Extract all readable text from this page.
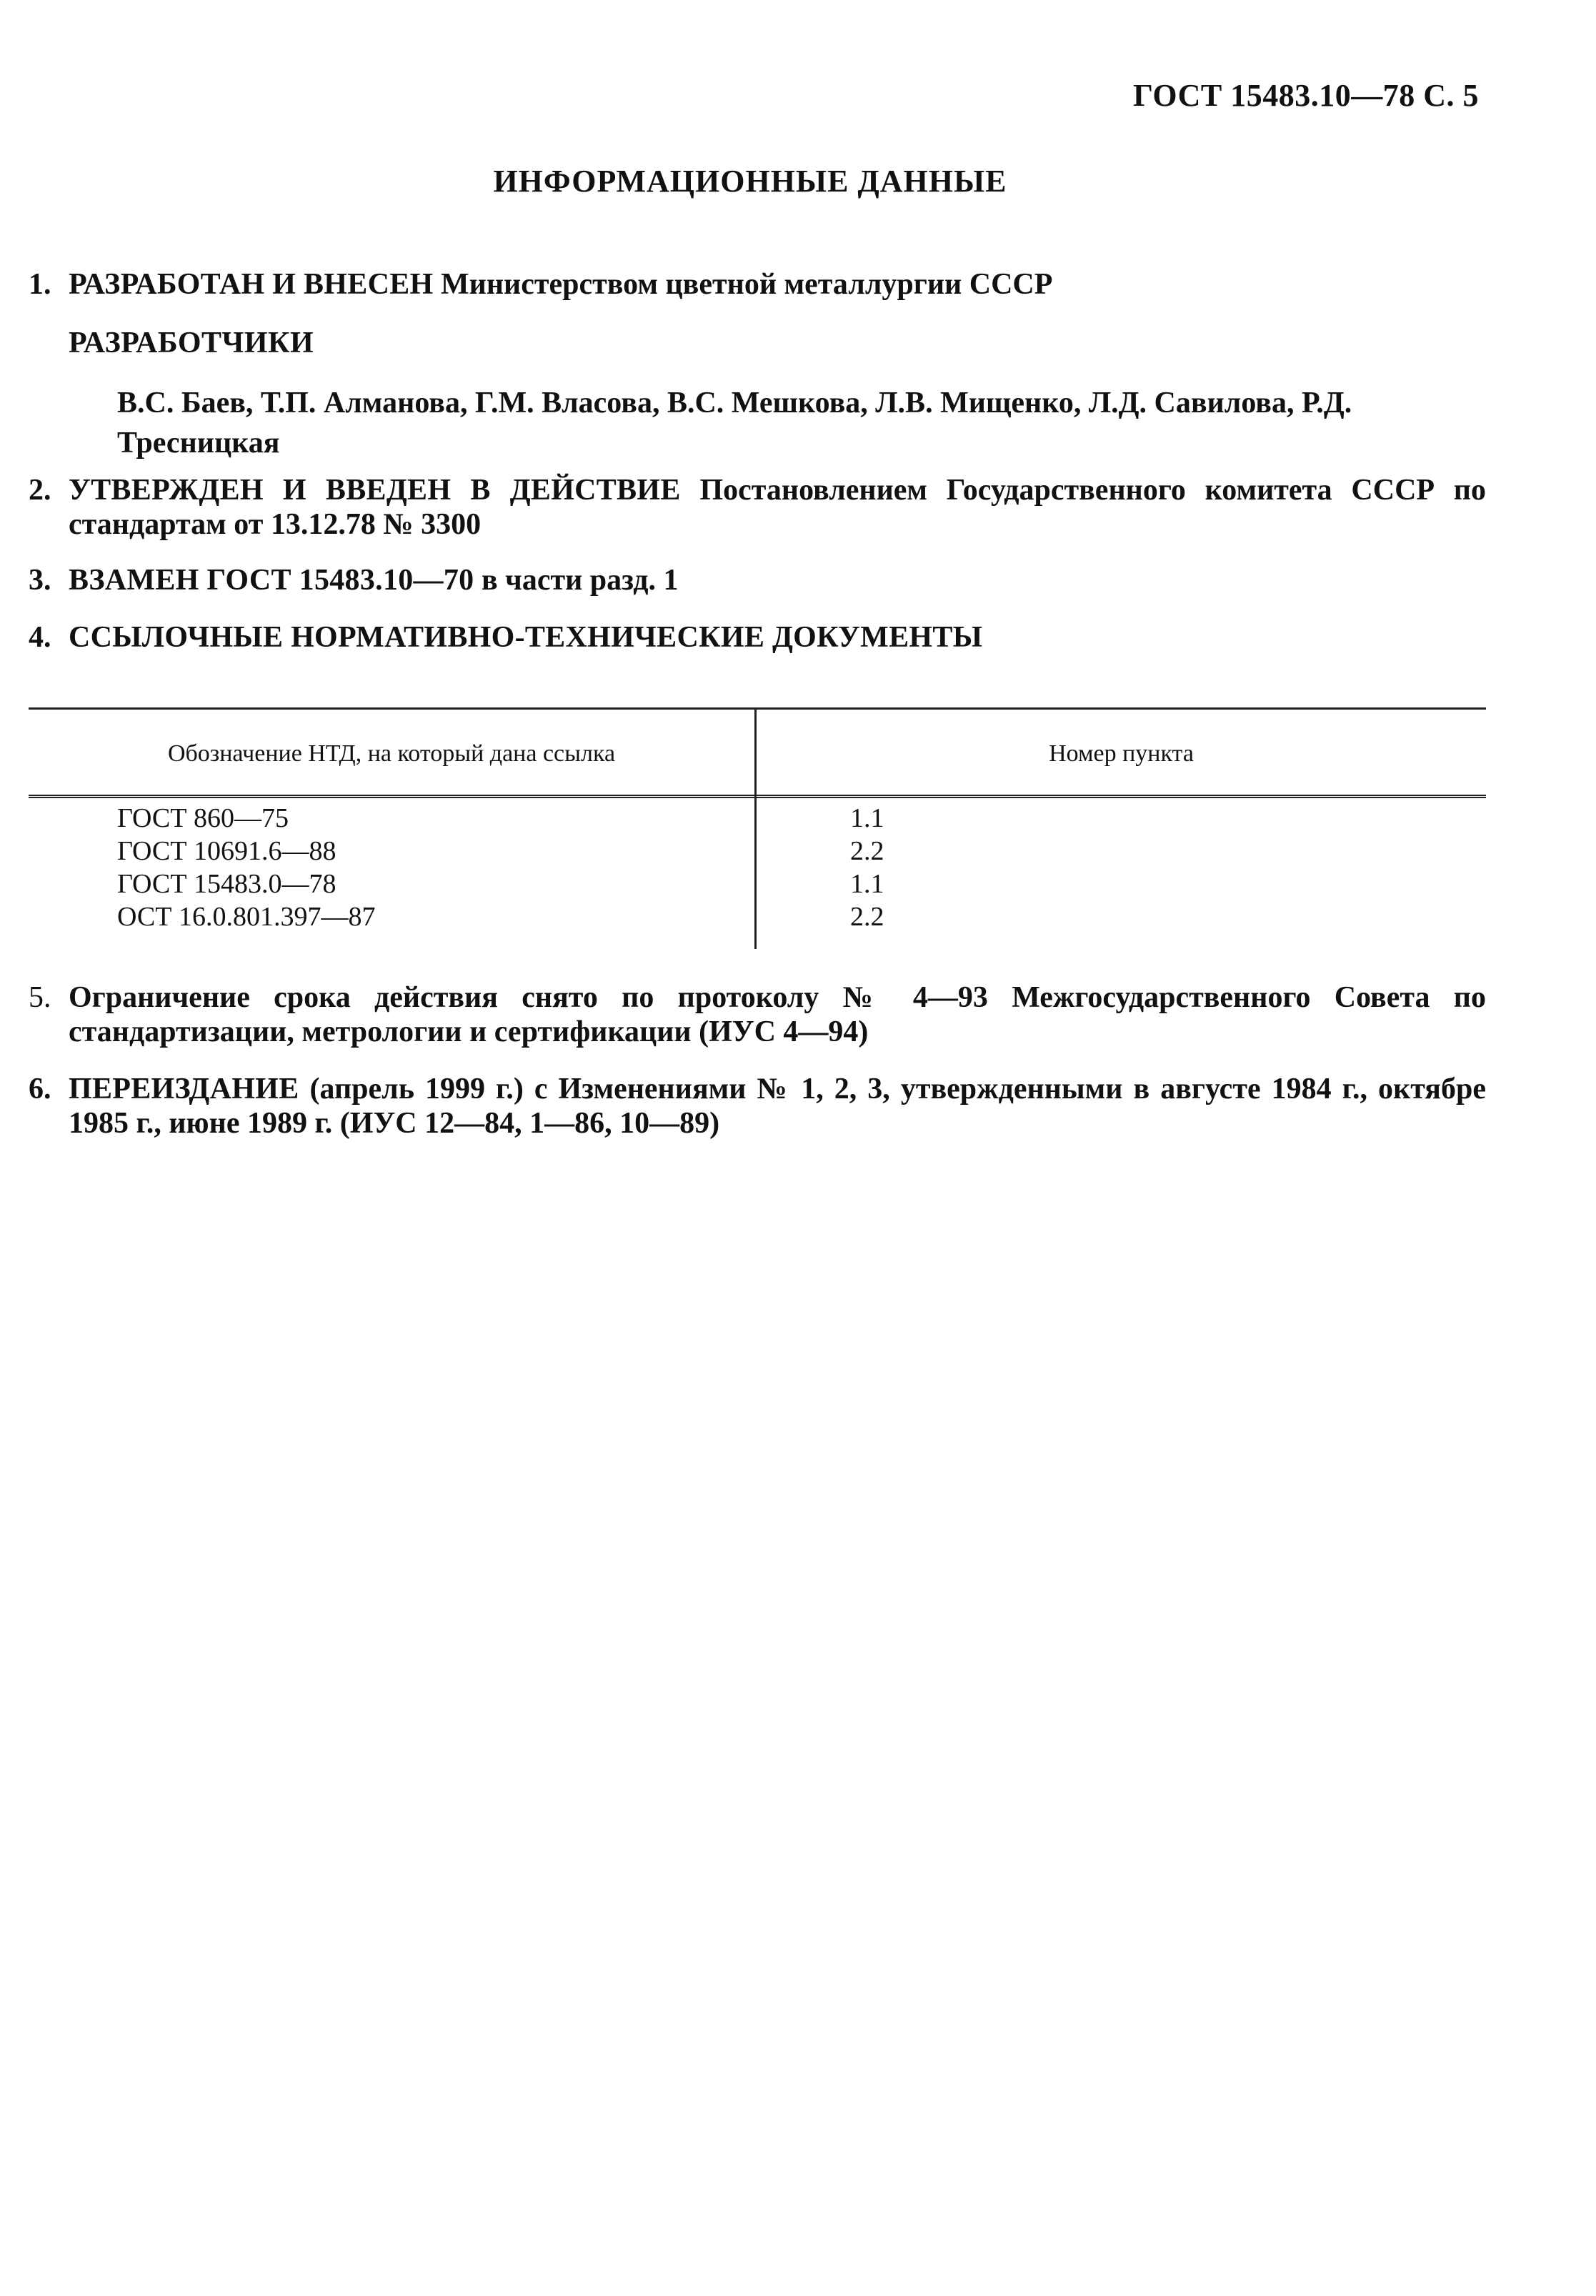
ГОСТ 15483.10—78 С. 5
ИНФОРМАЦИОННЫЕ ДАННЫЕ
1. РАЗРАБОТАН И ВНЕСЕН Министерством цветной металлургии СССР
РАЗРАБОТЧИКИ
В.С. Баев, Т.П. Алманова, Г.М. Власова, В.С. Мешкова, Л.В. Мищенко, Л.Д. Савилова, Р.Д. Тресницкая
2. УТВЕРЖДЕН И ВВЕДЕН В ДЕЙСТВИЕ Постановлением Государственного комитета СССР по стандартам от 13.12.78 № 3300
3. ВЗАМЕН ГОСТ 15483.10—70 в части разд. 1
4. ССЫЛОЧНЫЕ НОРМАТИВНО-ТЕХНИЧЕСКИЕ ДОКУМЕНТЫ
Обозначение НТД, на который дана ссылка	Номер пункта
ГОСТ 860—75	1.1
ГОСТ 10691.6—88	2.2
ГОСТ 15483.0—78	1.1
ОСТ 16.0.801.397—87	2.2
5. Ограничение срока действия снято по протоколу № 4—93 Межгосударственного Совета по стандартизации, метрологии и сертификации (ИУС 4—94)
6. ПЕРЕИЗДАНИЕ (апрель 1999 г.) с Изменениями № 1, 2, 3, утвержденными в августе 1984 г., октябре 1985 г., июне 1989 г. (ИУС 12—84, 1—86, 10—89)
